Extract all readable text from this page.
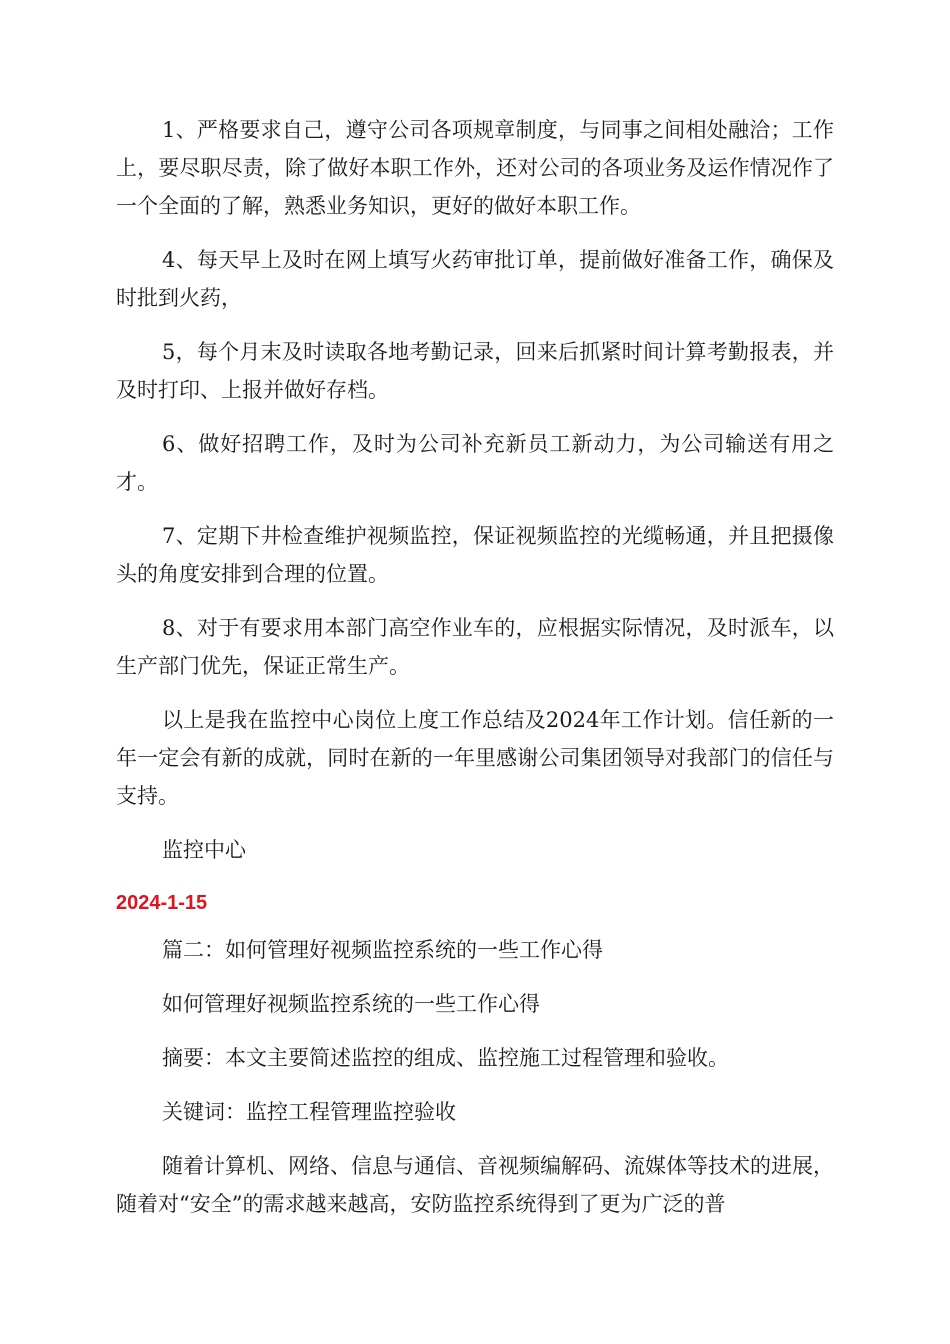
1、严格要求自己，遵守公司各项规章制度，与同事之间相处融洽；工作上，要尽职尽责，除了做好本职工作外，还对公司的各项业务及运作情况作了一个全面的了解，熟悉业务知识，更好的做好本职工作。

4、每天早上及时在网上填写火药审批订单，提前做好准备工作，确保及时批到火药，

5，每个月末及时读取各地考勤记录，回来后抓紧时间计算考勤报表，并及时打印、上报并做好存档。

6、做好招聘工作，及时为公司补充新员工新动力，为公司输送有用之才。

7、定期下井检查维护视频监控，保证视频监控的光缆畅通，并且把摄像头的角度安排到合理的位置。

8、对于有要求用本部门高空作业车的，应根据实际情况，及时派车，以生产部门优先，保证正常生产。

以上是我在监控中心岗位上度工作总结及2024年工作计划。信任新的一年一定会有新的成就，同时在新的一年里感谢公司集团领导对我部门的信任与支持。

监控中心

2024-1-15

篇二：如何管理好视频监控系统的一些工作心得

如何管理好视频监控系统的一些工作心得

摘要：本文主要简述监控的组成、监控施工过程管理和验收。

关键词：监控工程管理监控验收

随着计算机、网络、信息与通信、音视频编解码、流媒体等技术的进展，随着对“安全”的需求越来越高，安防监控系统得到了更为广泛的普
